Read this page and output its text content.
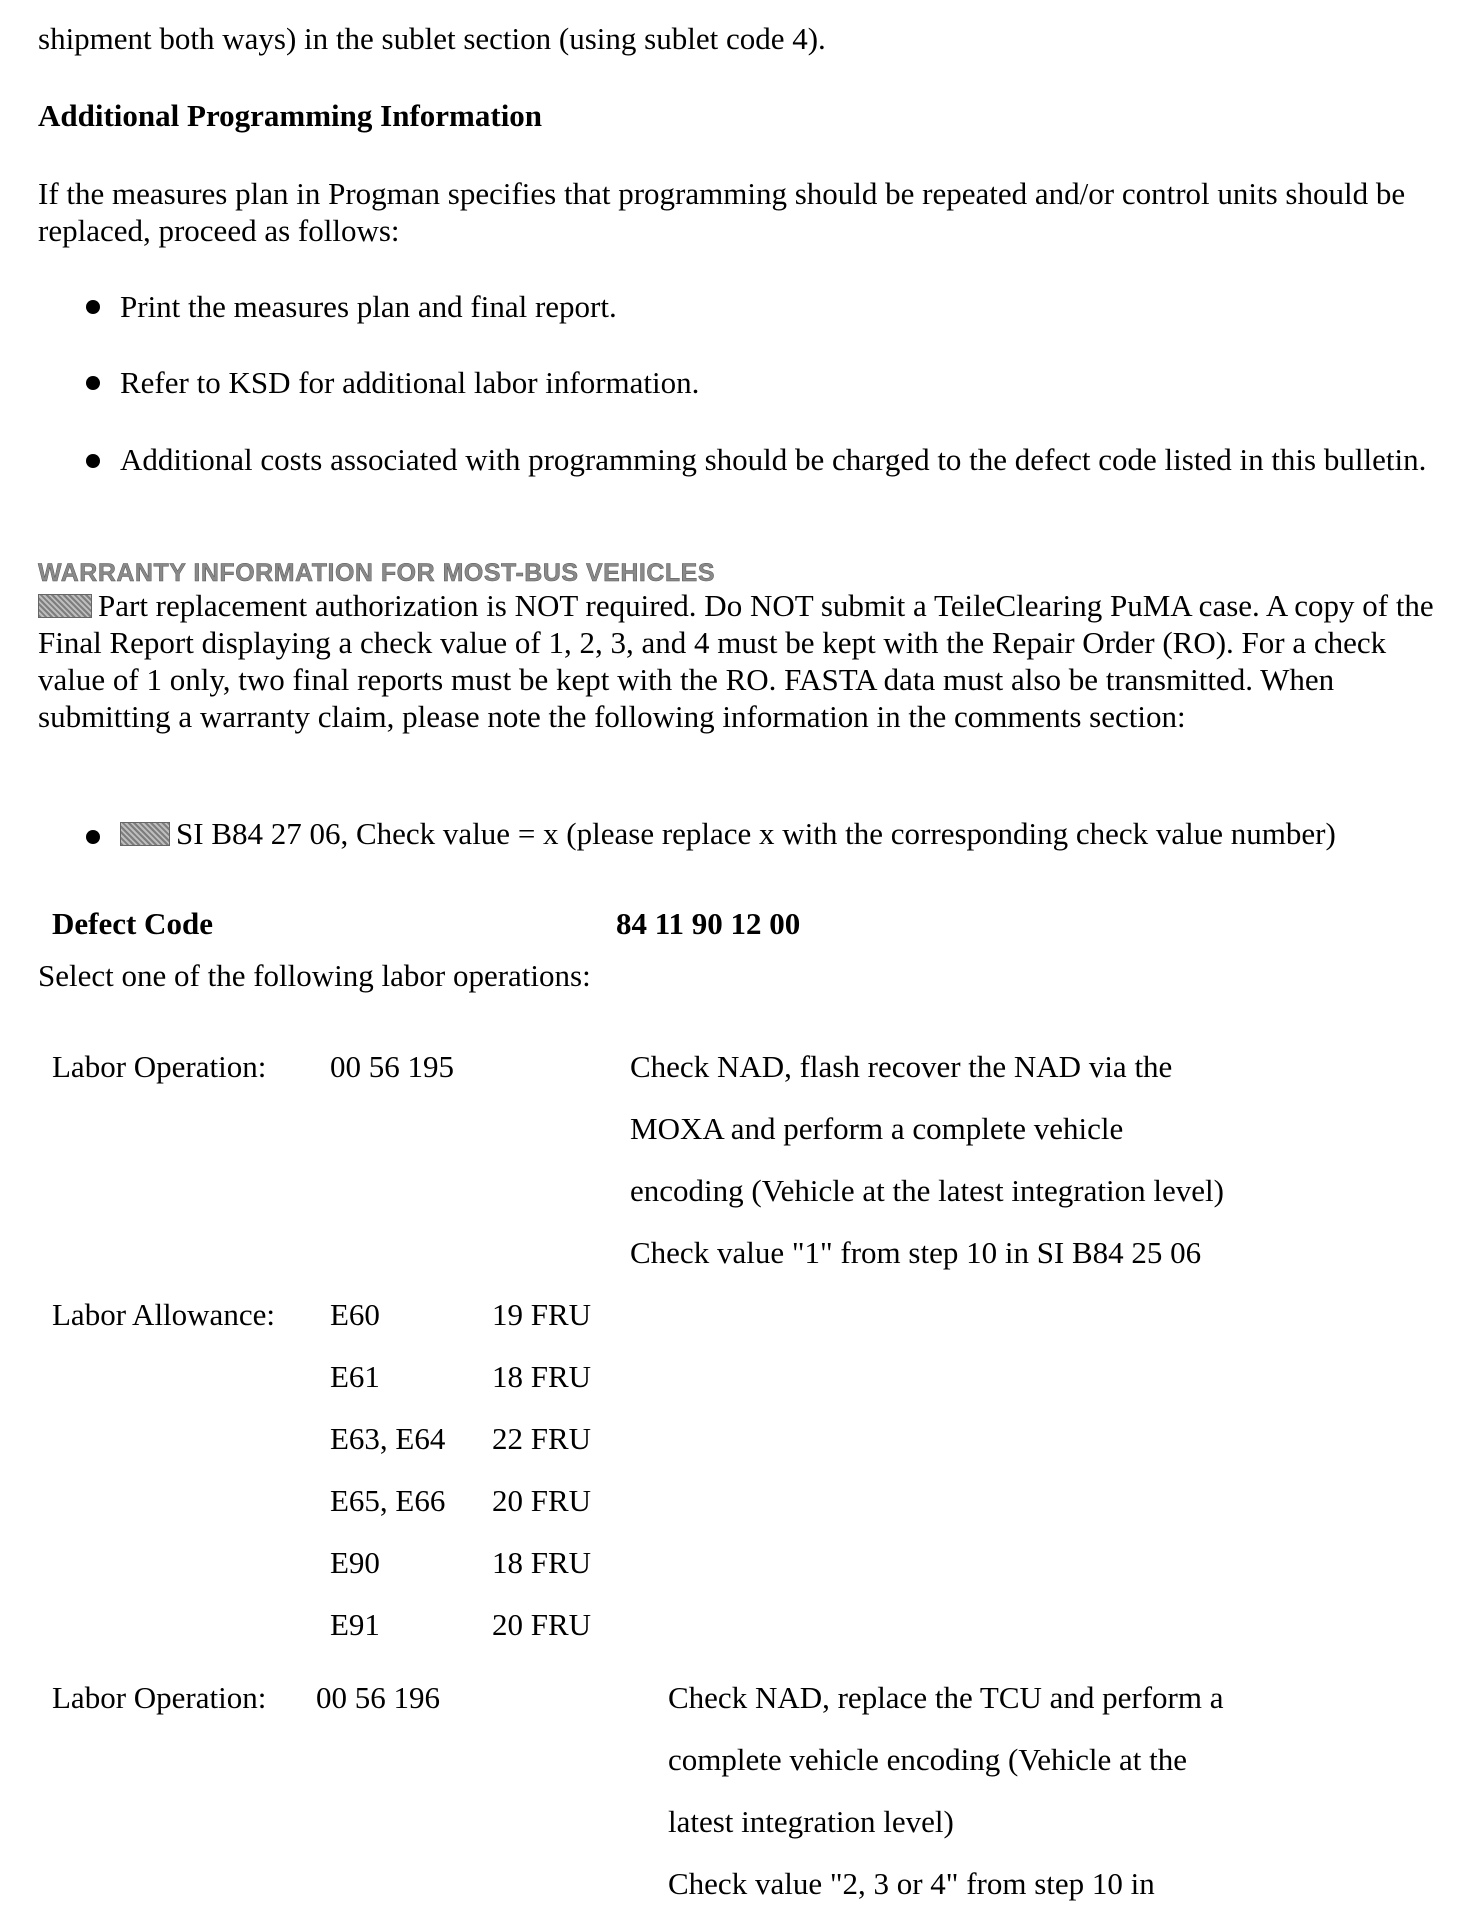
shipment both ways) in the sublet section (using sublet code 4).
Additional Programming Information
If the measures plan in Progman specifies that programming should be repeated and/or control units should be replaced, proceed as follows:
Print the measures plan and final report.
Refer to KSD for additional labor information.
Additional costs associated with programming should be charged to the defect code listed in this bulletin.
WARRANTY INFORMATION FOR MOST-BUS VEHICLES
Part replacement authorization is NOT required. Do NOT submit a TeileClearing PuMA case. A copy of the Final Report displaying a check value of 1, 2, 3, and 4 must be kept with the Repair Order (RO). For a check value of 1 only, two final reports must be kept with the RO. FASTA data must also be transmitted. When submitting a warranty claim, please note the following information in the comments section:
SI B84 27 06, Check value = x (please replace x with the corresponding check value number)
Defect Code	84 11 90 12 00
Select one of the following labor operations:
Labor Operation: 00 56 195	Check NAD, flash recover the NAD via the
MOXA and perform a complete vehicle
encoding (Vehicle at the latest integration level)
Check value "1" from step 10 in SI B84 25 06
Labor Allowance: E60	19 FRU
E61	18 FRU
E63, E64 22 FRU
E65, E66 20 FRU
E90	18 FRU
E91	20 FRU
Labor Operation: 00 56 196	Check NAD, replace the TCU and perform a
complete vehicle encoding (Vehicle at the
latest integration level)
Check value "2, 3 or 4" from step 10 in
